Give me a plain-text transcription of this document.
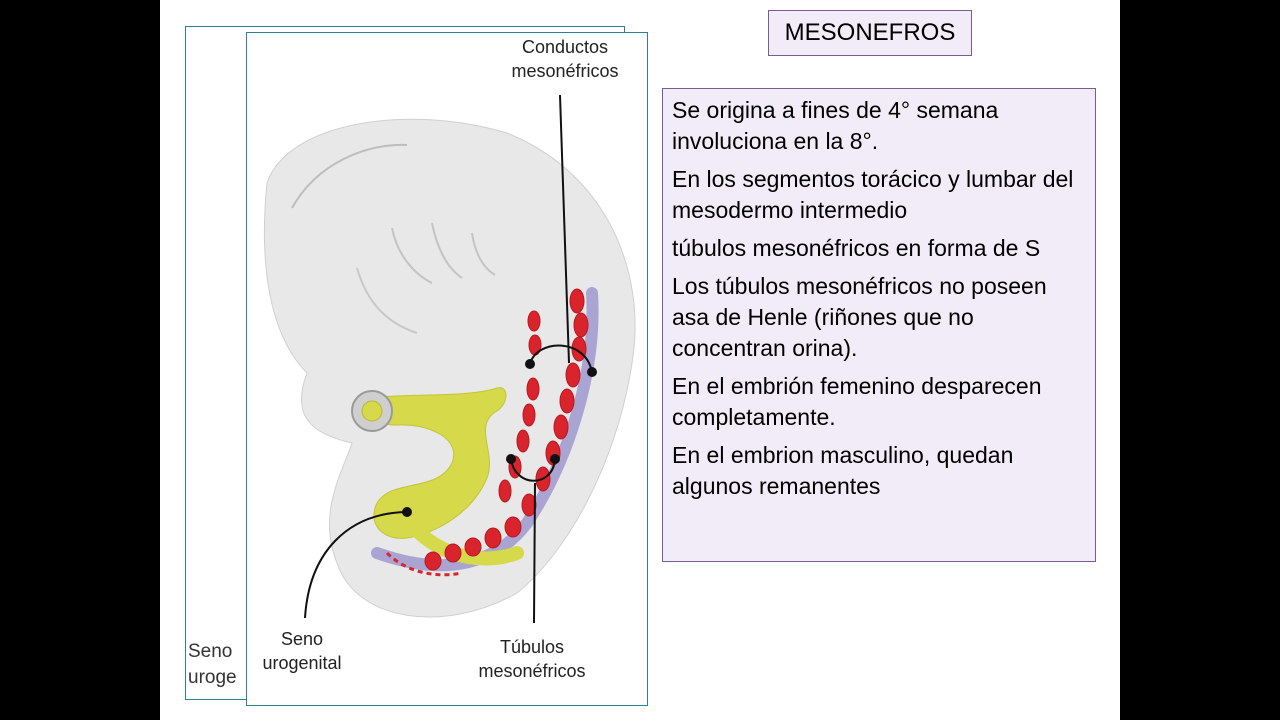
Seno
uroge
Conductos mesonéfricos
Seno urogenital
Túbulos mesonéfricos
MESONEFROS

Se origina a fines de 4° semana involuciona en la 8°.

En los segmentos torácico y lumbar del mesodermo intermedio

túbulos mesonéfricos en forma de S

Los túbulos mesonéfricos no poseen asa de Henle (riñones que no concentran orina).

En el embrión femenino desparecen completamente.

En el embrion masculino, quedan algunos remanentes
